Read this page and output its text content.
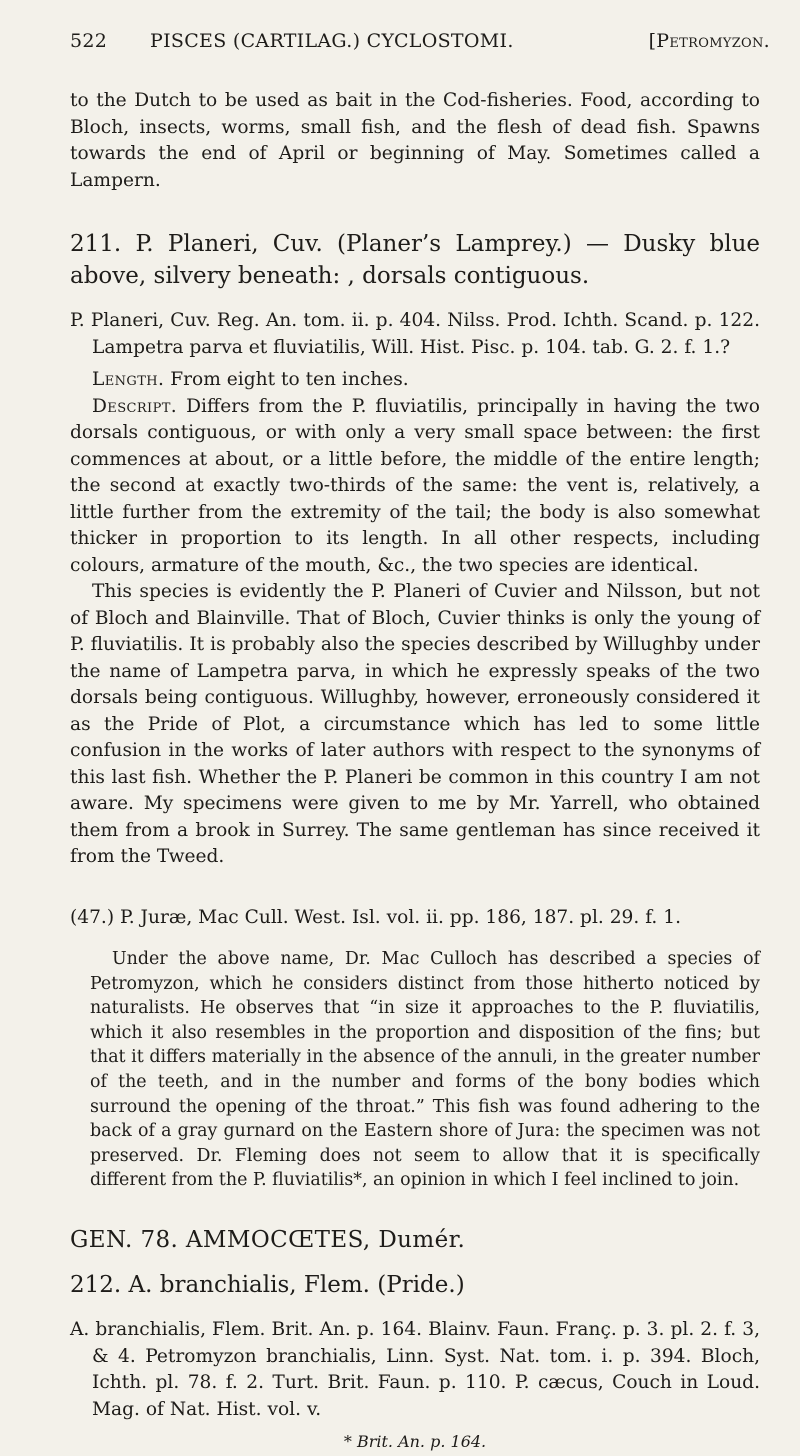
522	PISCES (CARTILAG.) CYCLOSTOMI.	[Petromyzon.

to the Dutch to be used as bait in the Cod-fisheries. Food, according to Bloch, insects, worms, small fish, and the flesh of dead fish. Spawns towards the end of April or beginning of May. Sometimes called a Lampern.

211. P. Planeri, Cuv. (Planer’s Lamprey.) — Dusky blue above, silvery beneath: , dorsals contiguous.

P. Planeri, Cuv. Reg. An. tom. ii. p. 404. Nilss. Prod. Ichth. Scand. p. 122. Lampetra parva et fluviatilis, Will. Hist. Pisc. p. 104. tab. G. 2. f. 1.?

Length. From eight to ten inches.

Descript. Differs from the P. fluviatilis, principally in having the two dorsals contiguous, or with only a very small space between: the first commences at about, or a little before, the middle of the entire length; the second at exactly two-thirds of the same: the vent is, relatively, a little further from the extremity of the tail; the body is also somewhat thicker in proportion to its length. In all other respects, including colours, armature of the mouth, &c., the two species are identical.

This species is evidently the P. Planeri of Cuvier and Nilsson, but not of Bloch and Blainville. That of Bloch, Cuvier thinks is only the young of P. fluviatilis. It is probably also the species described by Willughby under the name of Lampetra parva, in which he expressly speaks of the two dorsals being contiguous. Willughby, however, erroneously considered it as the Pride of Plot, a circumstance which has led to some little confusion in the works of later authors with respect to the synonyms of this last fish. Whether the P. Planeri be common in this country I am not aware. My specimens were given to me by Mr. Yarrell, who obtained them from a brook in Surrey. The same gentleman has since received it from the Tweed.

(47.) P. Juræ, Mac Cull. West. Isl. vol. ii. pp. 186, 187. pl. 29. f. 1.

Under the above name, Dr. Mac Culloch has described a species of Petromyzon, which he considers distinct from those hitherto noticed by naturalists. He observes that “in size it approaches to the P. fluviatilis, which it also resembles in the proportion and disposition of the fins; but that it differs materially in the absence of the annuli, in the greater number of the teeth, and in the number and forms of the bony bodies which surround the opening of the throat.” This fish was found adhering to the back of a gray gurnard on the Eastern shore of Jura: the specimen was not preserved. Dr. Fleming does not seem to allow that it is specifically different from the P. fluviatilis*, an opinion in which I feel inclined to join.

GEN. 78. AMMOCŒTES, Dumér.

212. A. branchialis, Flem. (Pride.)

A. branchialis, Flem. Brit. An. p. 164. Blainv. Faun. Franç. p. 3. pl. 2. f. 3, & 4. Petromyzon branchialis, Linn. Syst. Nat. tom. i. p. 394. Bloch, Ichth. pl. 78. f. 2. Turt. Brit. Faun. p. 110. P. cæcus, Couch in Loud. Mag. of Nat. Hist. vol. v.

* Brit. An. p. 164.
